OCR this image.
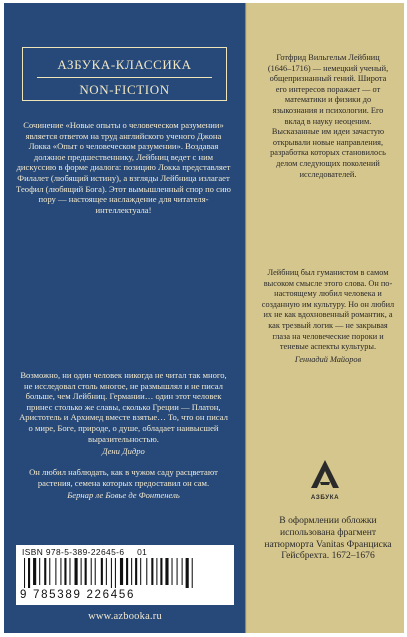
АЗБУКА-КЛАССИКА
NON-FICTION
Сочинение «Новые опыты о человеческом разумении» является ответом на труд английского ученого Джона Локка «Опыт о человеческом разумении». Воздавая должное предшественнику, Лейбниц ведет с ним дискуссию в форме диалога: позицию Локка представляет Филалет (любящий истину), а взгляды Лейбница излагает Теофил (любящий Бога). Этот вымышленный спор по сию пору — настоящее наслаждение для читателя-интеллектуала!
Возможно, ни один человек никогда не читал так много, не исследовал столь многое, не размышлял и не писал больше, чем Лейбниц. Германии… один этот человек принес столько же славы, сколько Греции — Платон, Аристотель и Архимед вместе взятые… То, что он писал о мире, Боге, природе, о душе, обладает наивысшей выразительностью.
Дени Дидро
Он любил наблюдать, как в чужом саду расцветают растения, семена которых предоставил он сам.
Бернар ле Бовье де Фонтенель
ISBN 978-5-389-22645-6 01
9 785389 226456
www.azbooka.ru
Готфрид Вильгельм Лейбниц (1646–1716) — немецкий ученый, общепризнанный гений. Широта его интересов поражает — от математики и физики до языкознания и психологии. Его вклад в науку неоценим. Высказанные им идеи зачастую открывали новые направления, разработка которых становилось делом следующих поколений исследователей.
Лейбниц был гуманистом в самом высоком смысле этого слова. Он по-настоящему любил человека и созданную им культуру. Но он любил их не как вдохновенный романтик, а как трезвый логик — не закрывая глаза на человеческие пороки и теневые аспекты культуры.
Геннадий Майоров
АЗБУКА
В оформлении обложки использована фрагмент натюрморта Vanitas Франциска Гейсбрехта. 1672–1676
